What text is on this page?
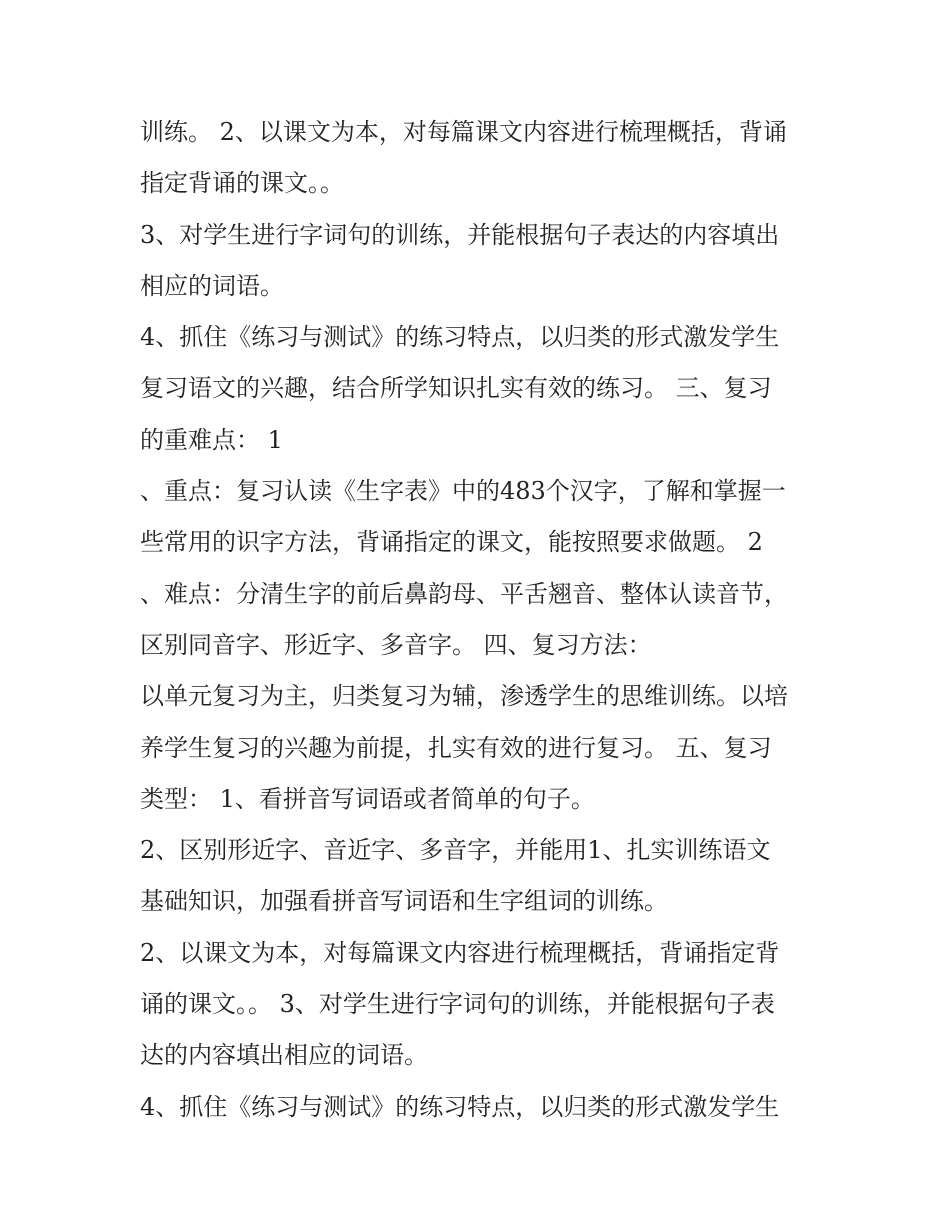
训练。 2、以课文为本，对每篇课文内容进行梳理概括，背诵
指定背诵的课文。。
3、对学生进行字词句的训练，并能根据句子表达的内容填出
相应的词语。
4、抓住《练习与测试》的练习特点，以归类的形式激发学生
复习语文的兴趣，结合所学知识扎实有效的练习。 三、复习
的重难点： 1
、重点：复习认读《生字表》中的483个汉字，了解和掌握一
些常用的识字方法，背诵指定的课文，能按照要求做题。 2
、难点：分清生字的前后鼻韵母、平舌翘音、整体认读音节，
区别同音字、形近字、多音字。 四、复习方法：
以单元复习为主，归类复习为辅，渗透学生的思维训练。以培
养学生复习的兴趣为前提，扎实有效的进行复习。 五、复习
类型： 1、看拼音写词语或者简单的句子。
2、区别形近字、音近字、多音字，并能用1、扎实训练语文
基础知识，加强看拼音写词语和生字组词的训练。
2、以课文为本，对每篇课文内容进行梳理概括，背诵指定背
诵的课文。。 3、对学生进行字词句的训练，并能根据句子表
达的内容填出相应的词语。
4、抓住《练习与测试》的练习特点，以归类的形式激发学生
